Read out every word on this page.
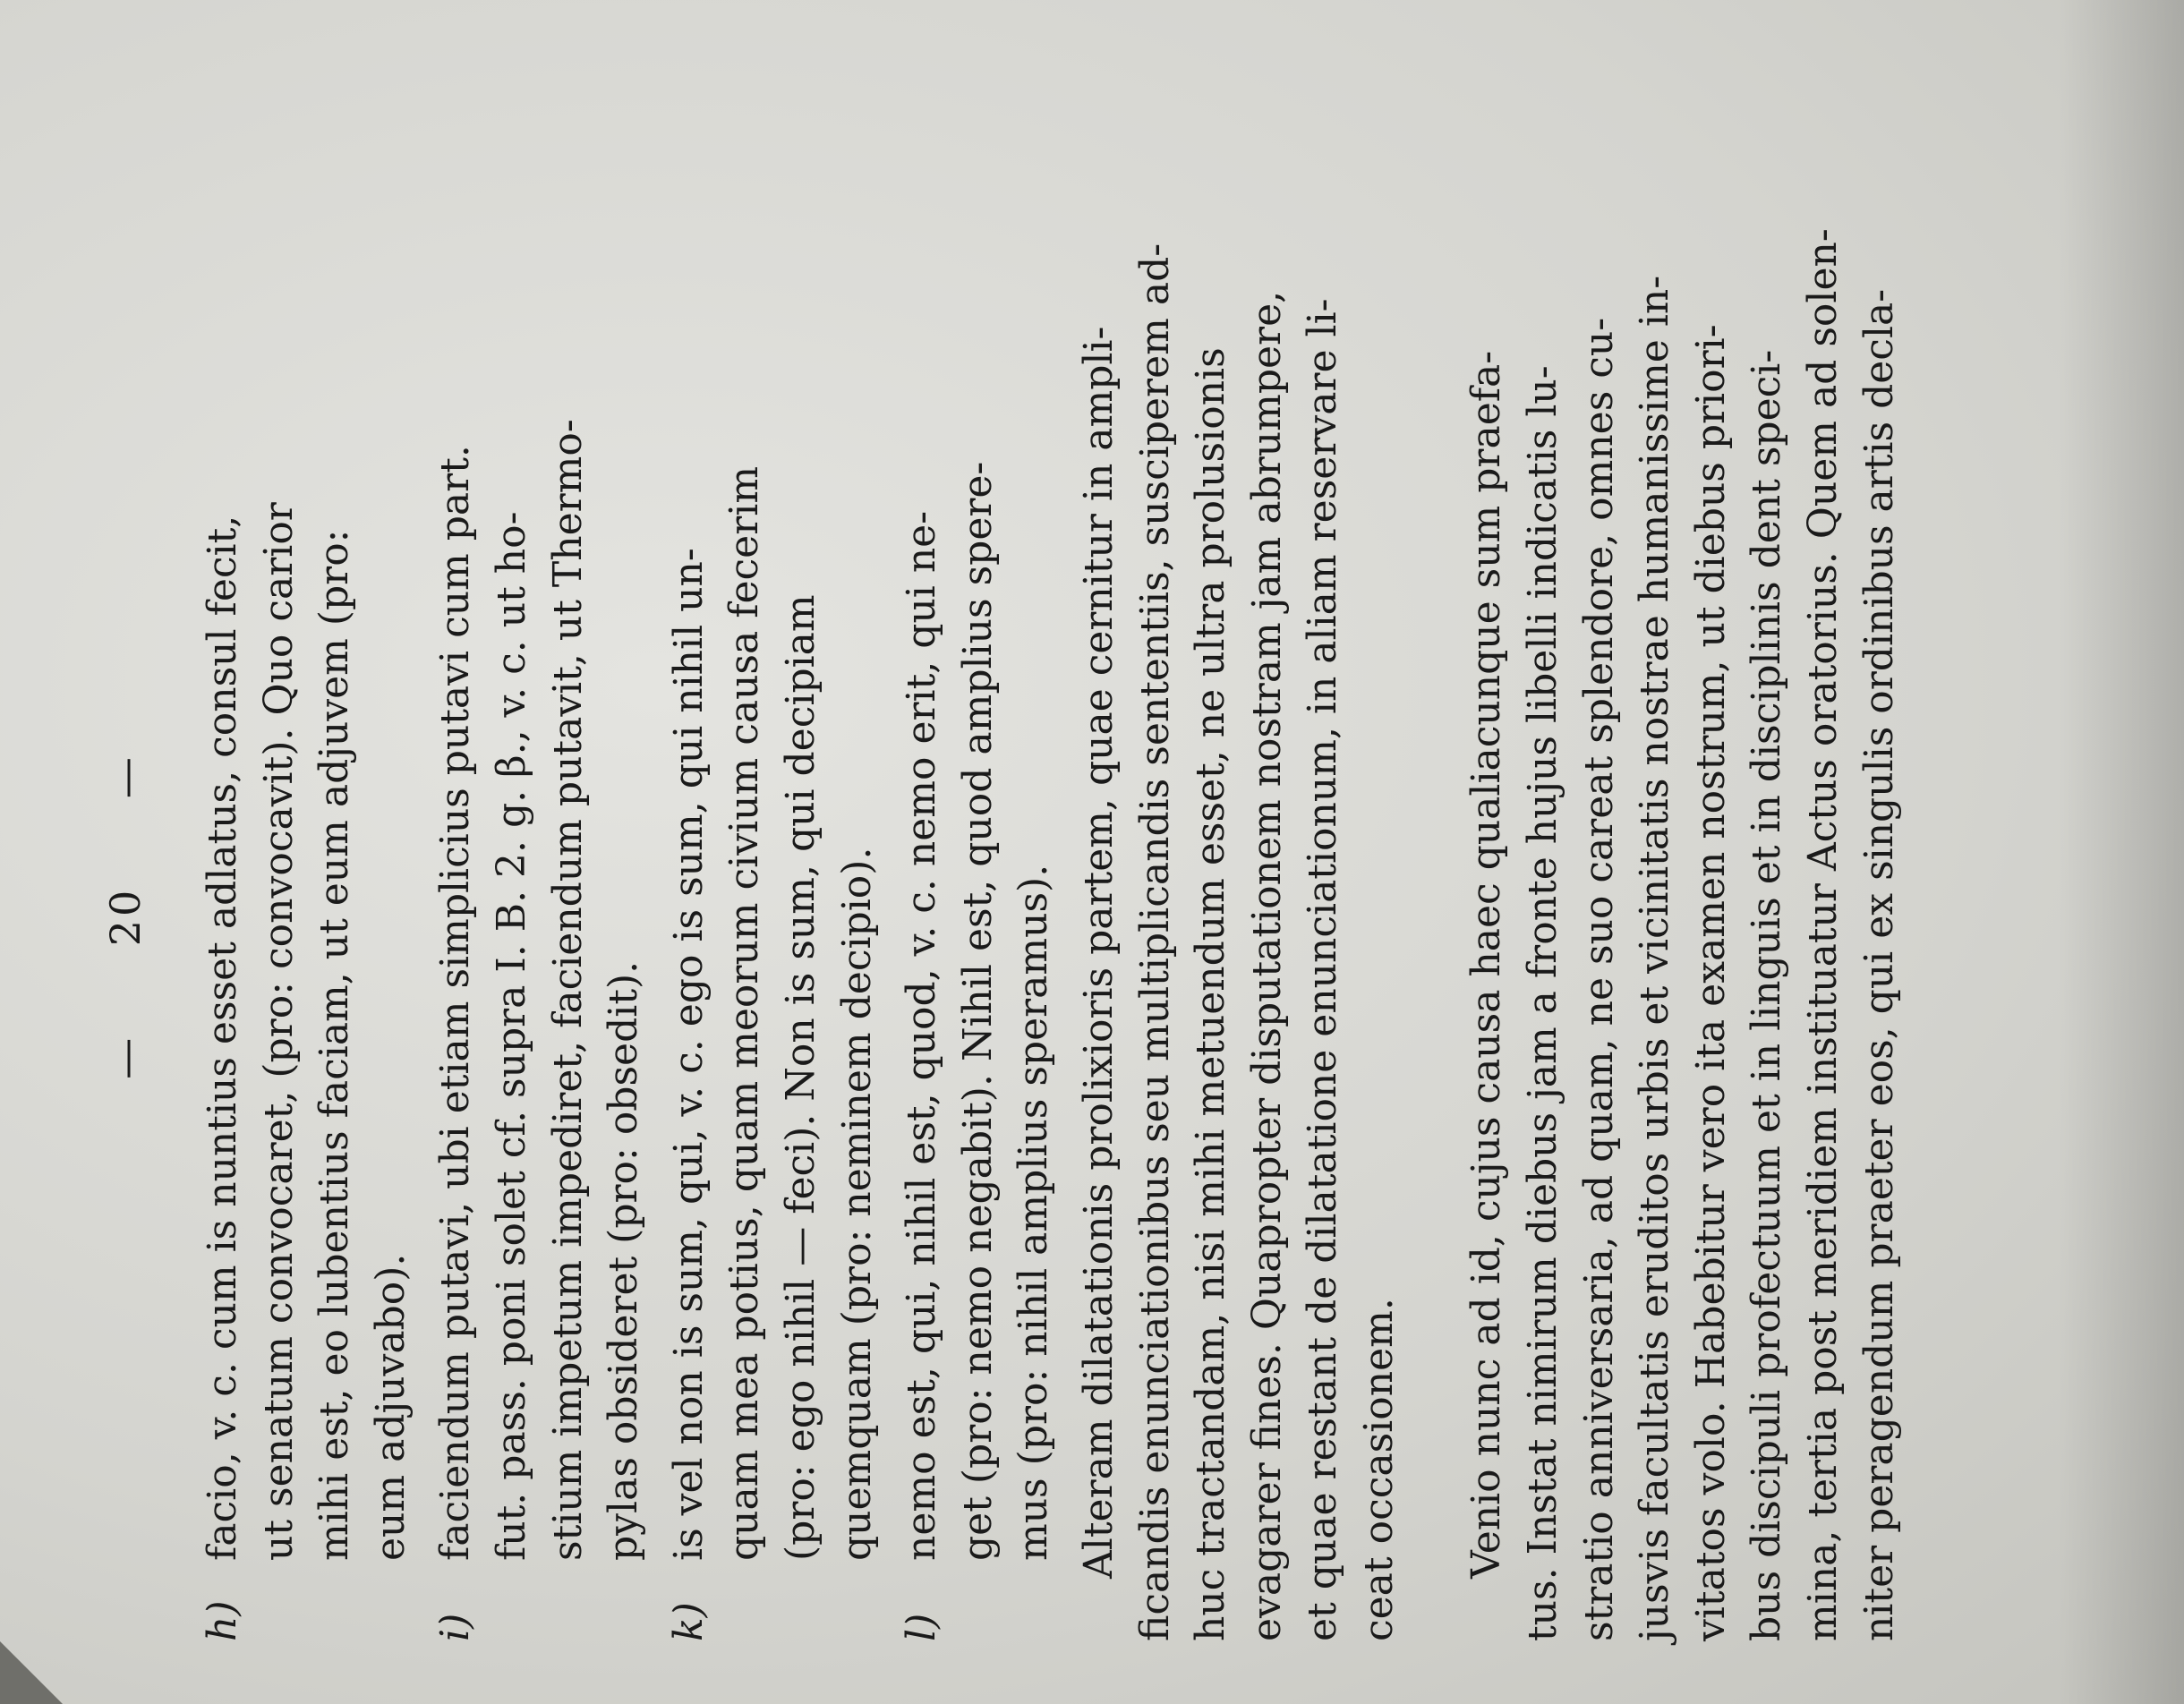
— 20 —
h)facio, v. c. cum is nuntius esset adlatus, consul fecit, ut senatum convocaret, (pro: convocavit). Quo carior mihi est, eo lubentius faciam, ut eum adjuvem (pro: eum adjuvabo).
i)faciendum putavi, ubi etiam simplicius putavi cum part. fut. pass. poni solet cf. supra I. B. 2. g. β., v. c. ut ho- stium impetum impediret, faciendum putavit, ut Thermo- pylas obsideret (pro: obsedit).
k)is vel non is sum, qui, v. c. ego is sum, qui nihil un- quam mea potius, quam meorum civium causa fecerim (pro: ego nihil — feci). Non is sum, qui decipiam quemquam (pro: neminem decipio).
l)nemo est, qui, nihil est, quod, v. c. nemo erit, qui ne- get (pro: nemo negabit). Nihil est, quod amplius spere- mus (pro: nihil amplius speramus). Alteram dilatationis prolixioris partem, quae cernitur in ampli- ficandis enunciationibus seu multiplicandis sententiis, susciperem ad- huc tractandam, nisi mihi metuendum esset, ne ultra prolusionis evagarer fines. Quapropter disputationem nostram jam abrumpere, et quae restant de dilatatione enunciationum, in aliam reservare li- ceat occasionem. Venio nunc ad id, cujus causa haec qualiacunque sum praefa- tus. Instat nimirum diebus jam a fronte hujus libelli indicatis lu- stratio anniversaria, ad quam, ne suo careat splendore, omnes cu- jusvis facultatis eruditos urbis et vicinitatis nostrae humanissime in- vitatos volo. Habebitur vero ita examen nostrum, ut diebus priori- bus discipuli profectuum et in linguis et in disciplinis dent speci- mina, tertia post meridiem instituatur Actus oratorius. Quem ad solen- niter peragendum praeter eos, qui ex singulis ordinibus artis decla-
